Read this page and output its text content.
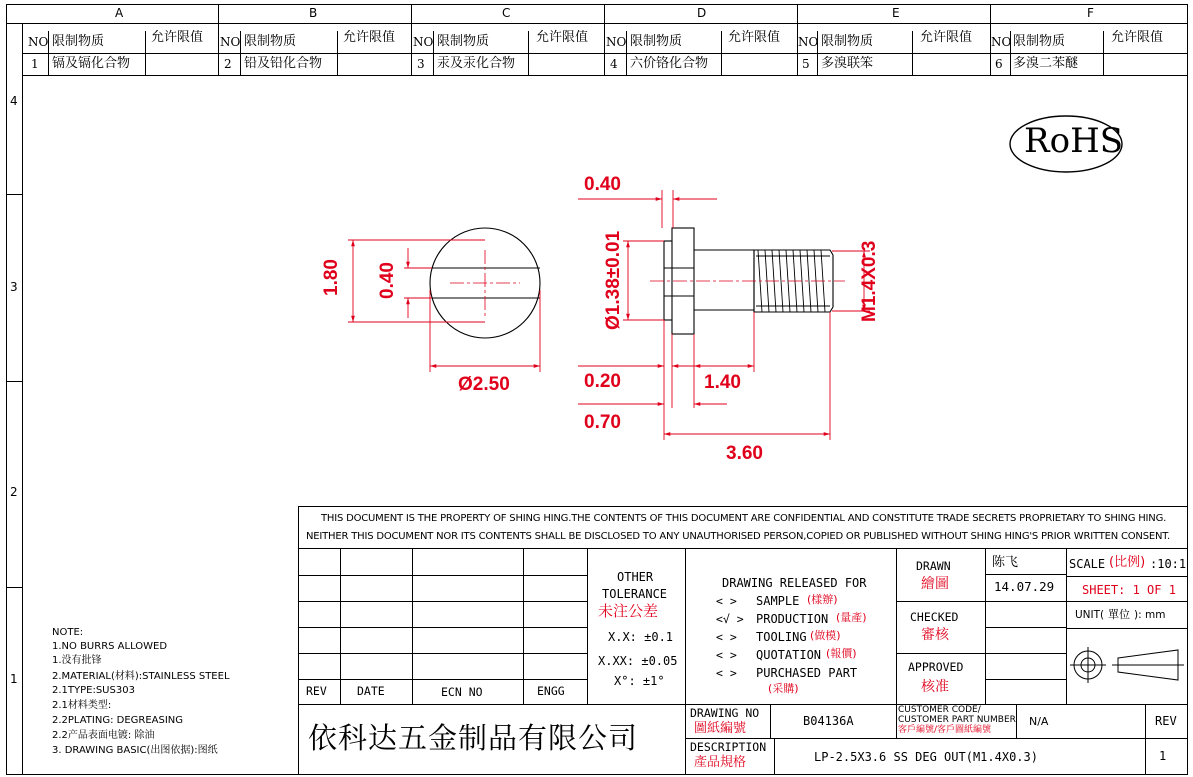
A	B	C	D	E	F
4
3
2
1
NO 限制物质	允许限值 NO 限制物质	允许限值 NO 限制物质	允许限值 NO 限制物质	允许限值 NO 限制物质	允许限值 NO 限制物质	允许限值
1 镉及镉化合物	2 铅及铅化合物	3 汞及汞化合物	4 六价铬化合物	5 多溴联笨	6 多溴二苯醚
RoHS
1.80 0.40
Ø2.50
0.40
Ø1.38±0.01	M1.4X0.3
0.20	1.40
0.70
3.60
NOTE:
1.NO BURRS ALLOWED
1.没有批锋
2.MATERIAL(材料):STAINLESS STEEL
2.1TYPE:SUS303
2.1材料类型:
2.2PLATING: DEGREASING
2.2产品表面电镀: 除油
3. DRAWING BASIC(出图依据):图纸
THIS DOCUMENT IS THE PROPERTY OF SHING HING.THE CONTENTS OF THIS DOCUMENT ARE CONFIDENTIAL AND CONSTITUTE TRADE SECRETS PROPRIETARY TO SHING HING.
NEITHER THIS DOCUMENT NOR ITS CONTENTS SHALL BE DISCLOSED TO ANY UNAUTHORISED PERSON,COPIED OR PUBLISHED WITHOUT SHING HING'S PRIOR WRITTEN CONSENT.
REV	DATE	ECN NO	ENGG
OTHER
TOLERANCE
未注公差
X.X: ±0.1
X.XX: ±0.05
X°: ±1°
DRAWING RELEASED FOR
< > SAMPLE (樣辦)
<√ > PRODUCTION (量產)
< > TOOLING (做模)
< > QUOTATION (報價)
< > PURCHASED PART
(采購)
DRAWN
繪圖
陈飞
14.07.29
CHECKED
審核
APPROVED
核准
SCALE (比例) :10:1
SHEET: 1 OF 1
UNIT( 單位 ): mm
依科达五金制品有限公司
DRAWING NO
圖紙編號	B04136A
CUSTOMER CODE/
CUSTOMER PART NUMBER
客戶編號/客戶圖紙編號
N/A	REV
1
DESCRIPTION
產品規格	LP-2.5X3.6 SS DEG OUT(M1.4X0.3)
